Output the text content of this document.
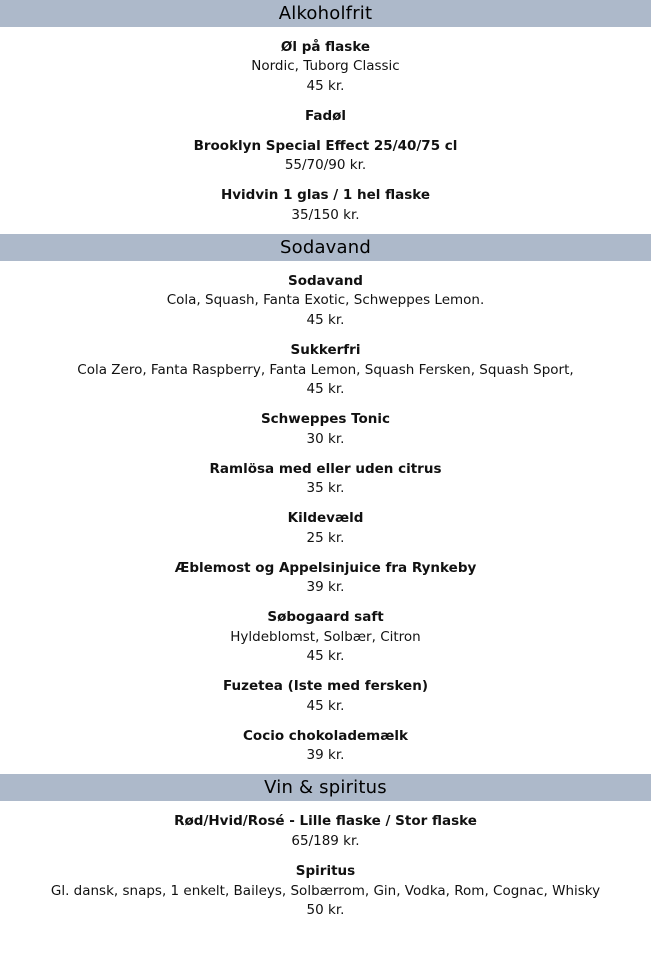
Alkoholfrit
Øl på flaske
Nordic, Tuborg Classic
45 kr.
Fadøl
Brooklyn Special Effect 25/40/75 cl
55/70/90 kr.
Hvidvin 1 glas / 1 hel flaske
35/150 kr.
Sodavand
Sodavand
Cola, Squash, Fanta Exotic, Schweppes Lemon.
45 kr.
Sukkerfri
Cola Zero, Fanta Raspberry, Fanta Lemon, Squash Fersken, Squash Sport,
45 kr.
Schweppes Tonic
30 kr.
Ramlösa med eller uden citrus
35 kr.
Kildevæld
25 kr.
Æblemost og Appelsinjuice fra Rynkeby
39 kr.
Søbogaard saft
Hyldeblomst, Solbær, Citron
45 kr.
Fuzetea (Iste med fersken)
45 kr.
Cocio chokolademælk
39 kr.
Vin & spiritus
Rød/Hvid/Rosé - Lille flaske / Stor flaske
65/189 kr.
Spiritus
Gl. dansk, snaps, 1 enkelt, Baileys, Solbærrom, Gin, Vodka, Rom, Cognac, Whisky
50 kr.
